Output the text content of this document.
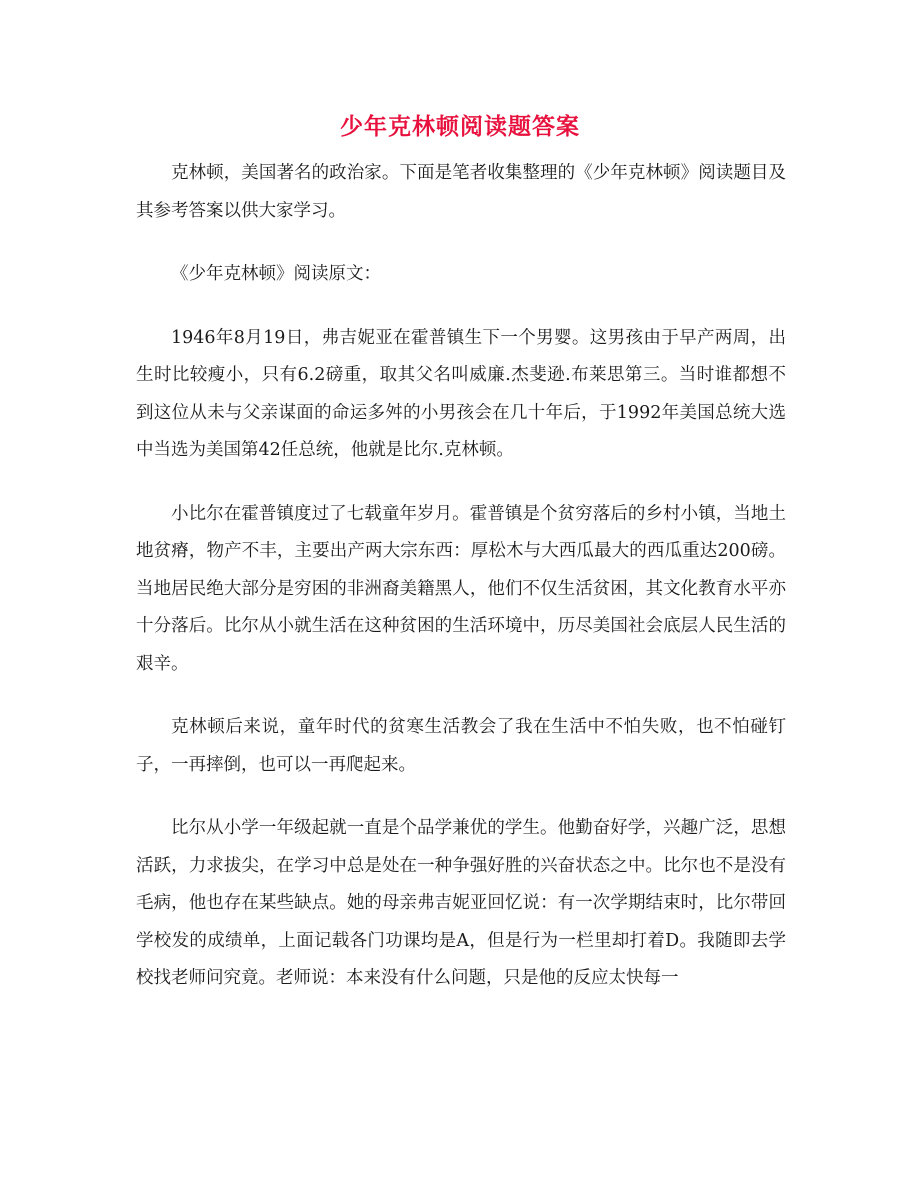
少年克林顿阅读题答案

克林顿，美国著名的政治家。下面是笔者收集整理的《少年克林顿》阅读题目及其参考答案以供大家学习。

《少年克林顿》阅读原文：

1946年8月19日，弗吉妮亚在霍普镇生下一个男婴。这男孩由于早产两周，出生时比较瘦小，只有6.2磅重，取其父名叫威廉.杰斐逊.布莱思第三。当时谁都想不到这位从未与父亲谋面的命运多舛的小男孩会在几十年后，于1992年美国总统大选中当选为美国第42任总统，他就是比尔.克林顿。

小比尔在霍普镇度过了七载童年岁月。霍普镇是个贫穷落后的乡村小镇，当地土地贫瘠，物产不丰，主要出产两大宗东西：厚松木与大西瓜最大的西瓜重达200磅。当地居民绝大部分是穷困的非洲裔美籍黑人，他们不仅生活贫困，其文化教育水平亦十分落后。比尔从小就生活在这种贫困的生活环境中，历尽美国社会底层人民生活的艰辛。

克林顿后来说，童年时代的贫寒生活教会了我在生活中不怕失败，也不怕碰钉子，一再摔倒，也可以一再爬起来。

比尔从小学一年级起就一直是个品学兼优的学生。他勤奋好学，兴趣广泛，思想活跃，力求拔尖，在学习中总是处在一种争强好胜的兴奋状态之中。比尔也不是没有毛病，他也存在某些缺点。她的母亲弗吉妮亚回忆说：有一次学期结束时，比尔带回学校发的成绩单，上面记载各门功课均是A，但是行为一栏里却打着D。我随即去学校找老师问究竟。老师说：本来没有什么问题，只是他的反应太快每一
